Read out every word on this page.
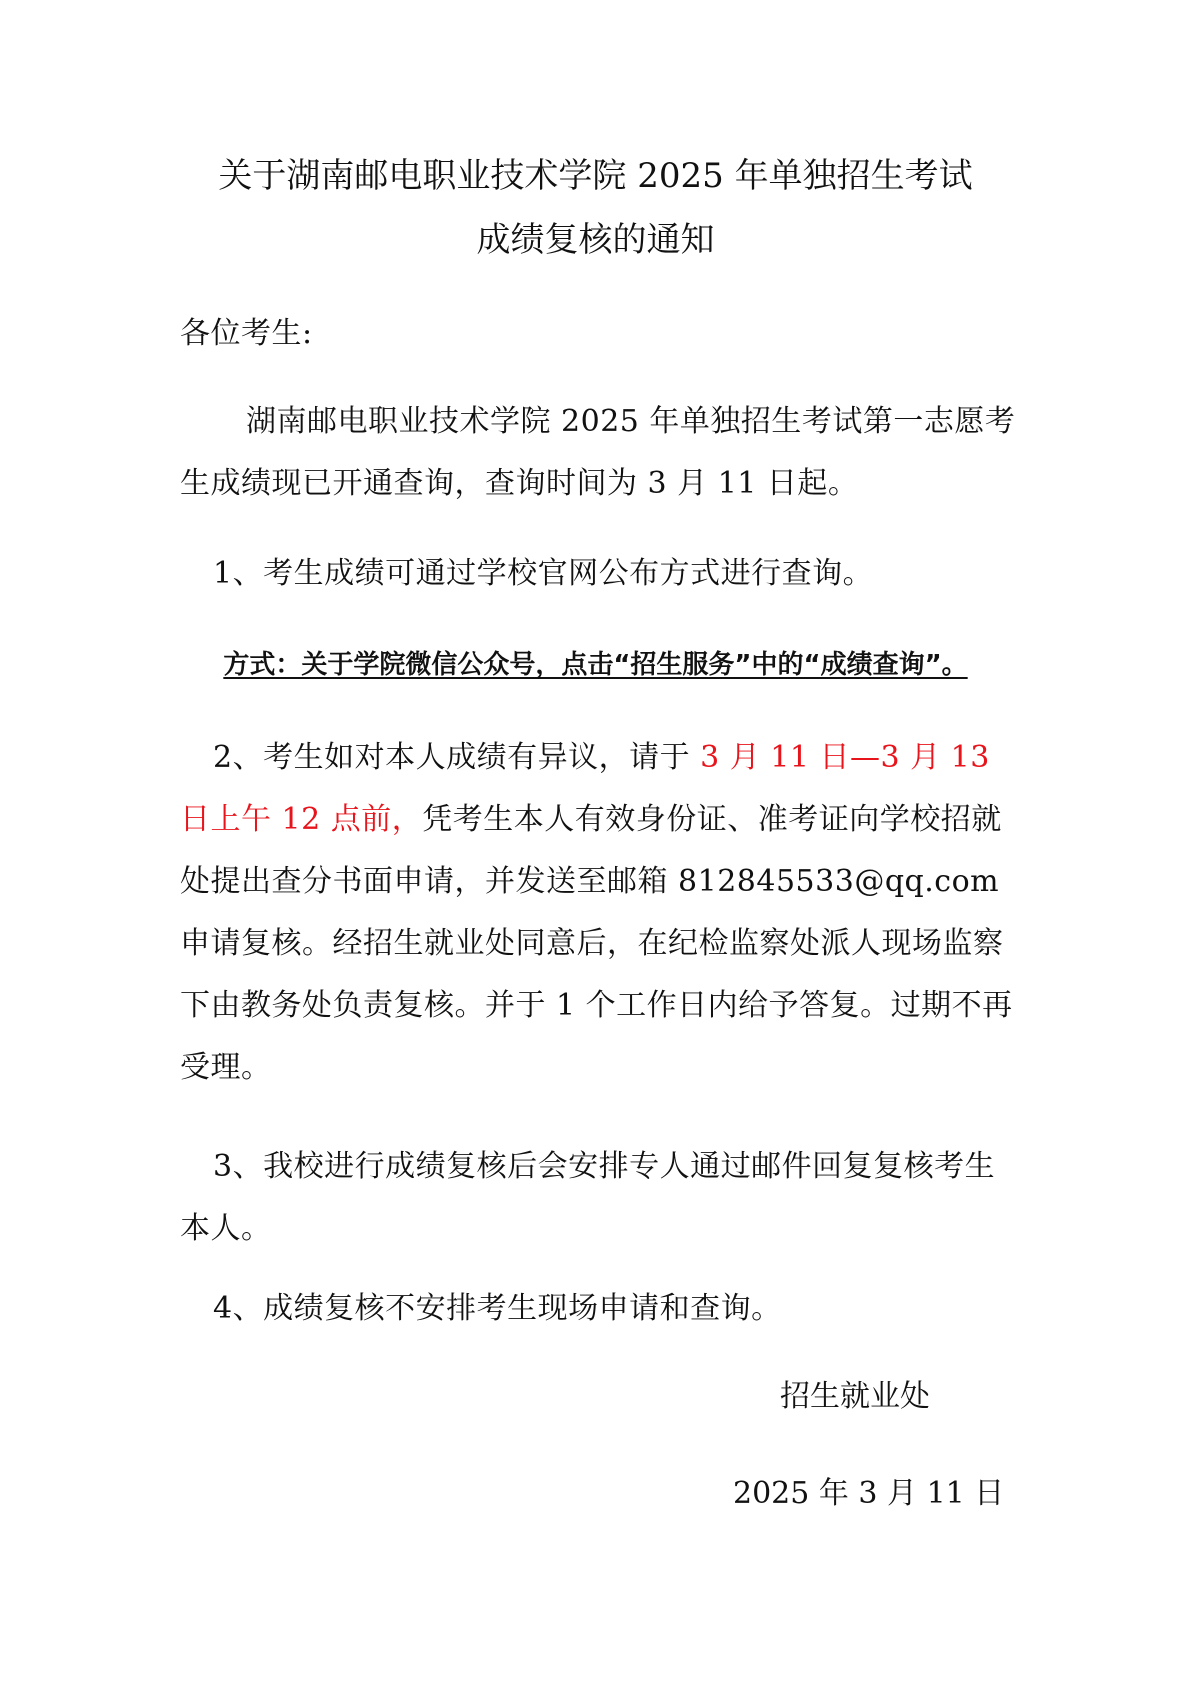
关于湖南邮电职业技术学院 2025 年单独招生考试
成绩复核的通知
各位考生:
湖南邮电职业技术学院 2025 年单独招生考试第一志愿考生成绩现已开通查询，查询时间为 3 月 11 日起。
1、考生成绩可通过学校官网公布方式进行查询。
方式：关于学院微信公众号，点击“招生服务”中的“成绩查询”。
2、考生如对本人成绩有异议，请于 3 月 11 日—3 月 13 日上午 12 点前，凭考生本人有效身份证、准考证向学校招就处提出查分书面申请，并发送至邮箱 812845533@qq.com 申请复核。经招生就业处同意后，在纪检监察处派人现场监察下由教务处负责复核。并于 1 个工作日内给予答复。过期不再受理。
3、我校进行成绩复核后会安排专人通过邮件回复复核考生本人。
4、成绩复核不安排考生现场申请和查询。
招生就业处
2025 年 3 月 11 日
